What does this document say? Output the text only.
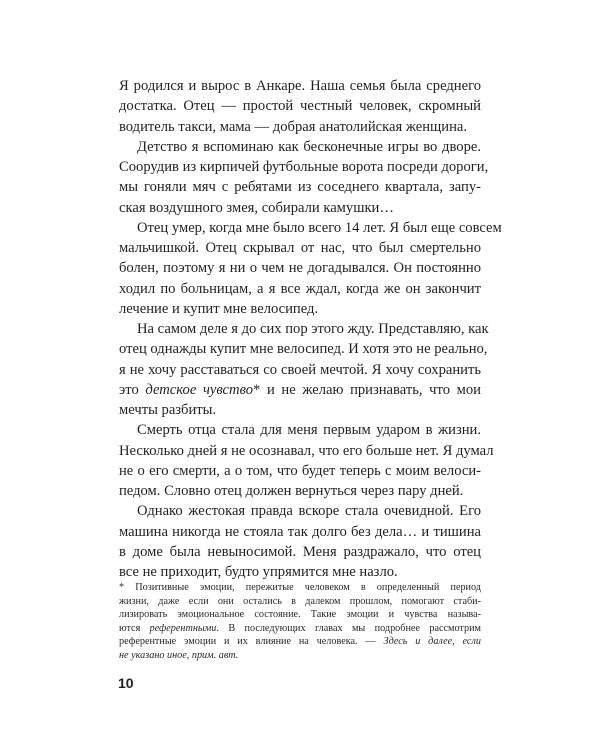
Я родился и вырос в Анкаре. Наша семья была среднего
достатка. Отец — простой честный человек, скромный
водитель такси, мама — добрая анатолийская женщина.
Детство я вспоминаю как бесконечные игры во дворе.
Соорудив из кирпичей футбольные ворота посреди дороги,
мы гоняли мяч с ребятами из соседнего квартала, запу-
ская воздушного змея, собирали камушки…
Отец умер, когда мне было всего 14 лет. Я был еще совсем
мальчишкой. Отец скрывал от нас, что был смертельно
болен, поэтому я ни о чем не догадывался. Он постоянно
ходил по больницам, а я все ждал, когда же он закончит
лечение и купит мне велосипед.
На самом деле я до сих пор этого жду. Представляю, как
отец однажды купит мне велосипед. И хотя это не реально,
я не хочу расставаться со своей мечтой. Я хочу сохранить
это детское чувство* и не желаю признавать, что мои
мечты разбиты.
Смерть отца стала для меня первым ударом в жизни.
Несколько дней я не осознавал, что его больше нет. Я думал
не о его смерти, а о том, что будет теперь с моим велоси-
педом. Словно отец должен вернуться через пару дней.
Однако жестокая правда вскоре стала очевидной. Его
машина никогда не стояла так долго без дела… и тишина
в доме была невыносимой. Меня раздражало, что отец
все не приходит, будто упрямится мне назло.
* Позитивные эмоции, пережитые человеком в определенный период
жизни, даже если они остались в далеком прошлом, помогают стаби-
лизировать эмоциональное состояние. Такие эмоции и чувства называ-
ются референтными. В последующих главах мы подробнее рассмотрим
референтные эмоции и их влияние на человека. — Здесь и далее, если
не указано иное, прим. авт.
10
